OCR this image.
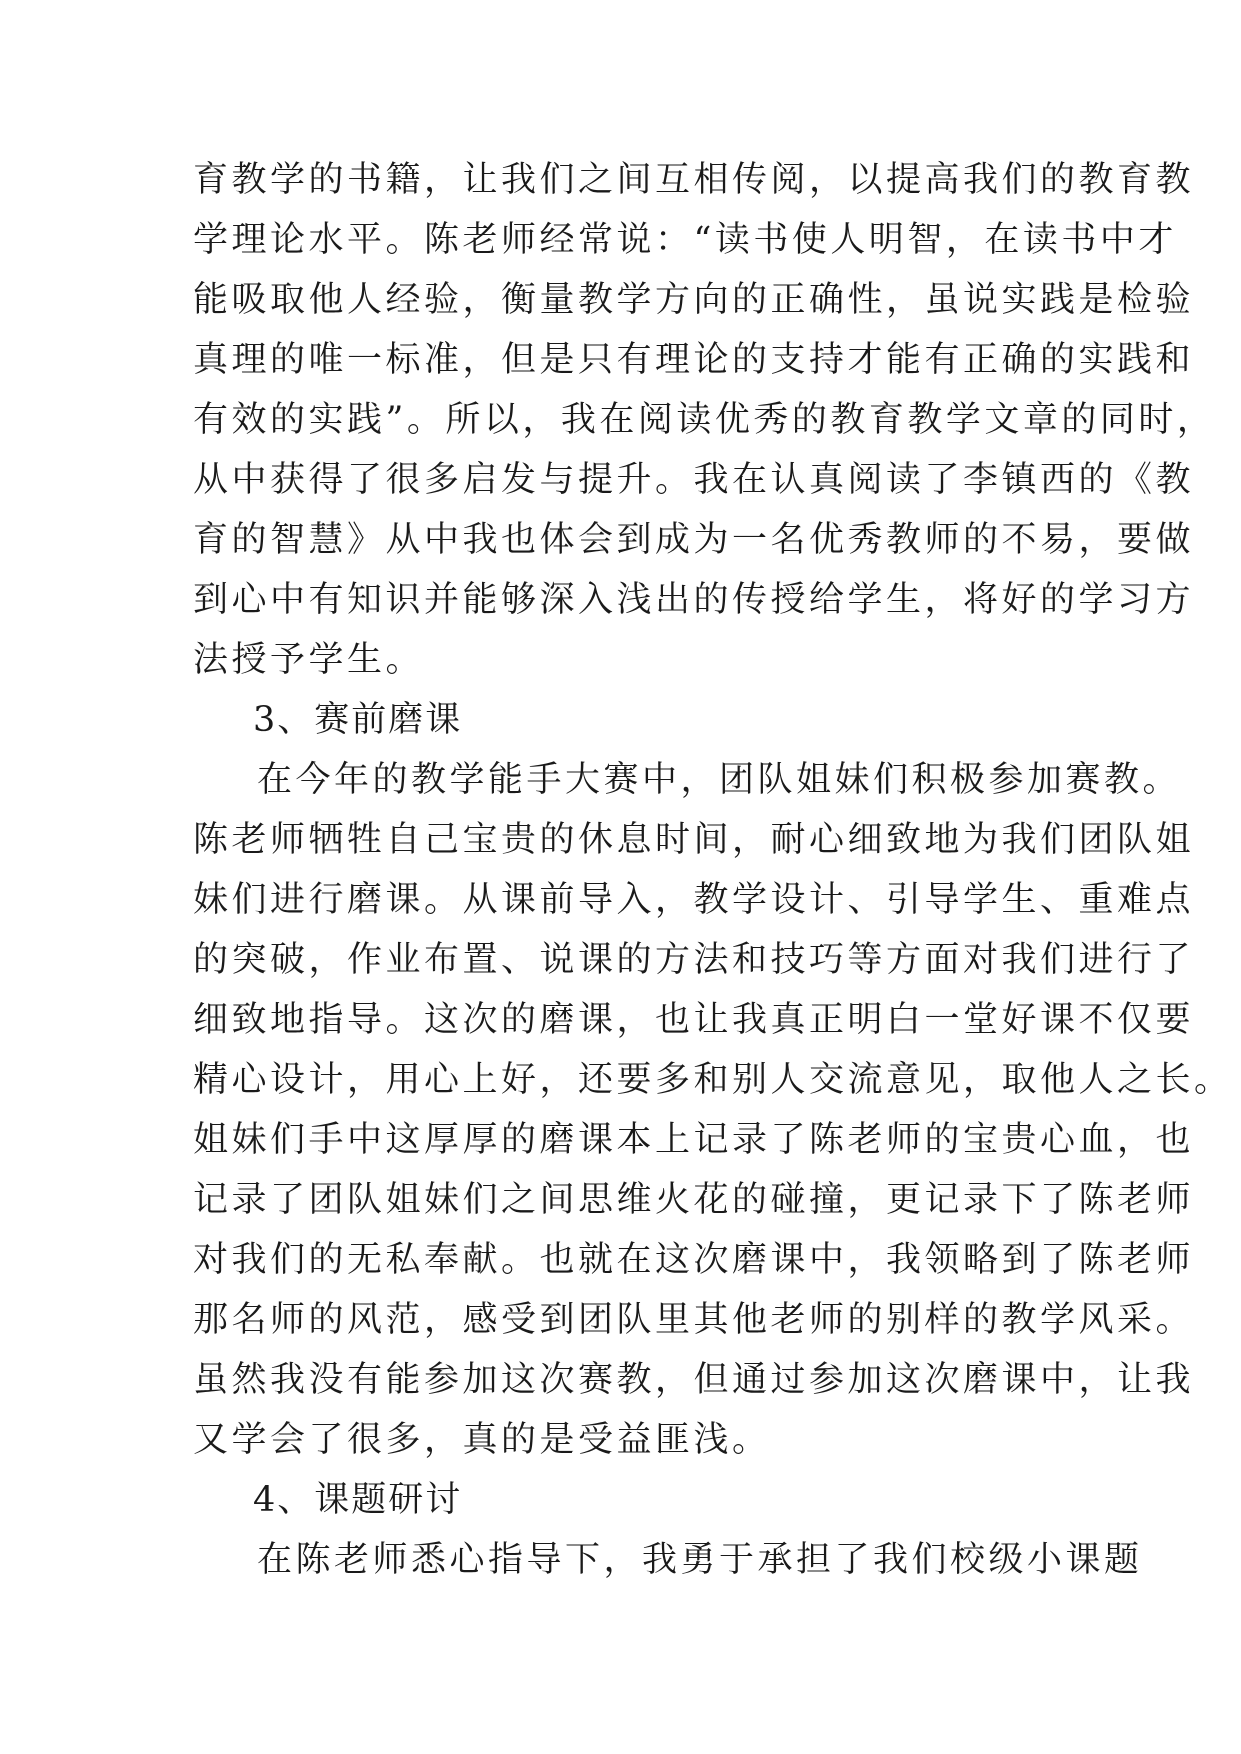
育教学的书籍，让我们之间互相传阅，以提高我们的教育教
学理论水平。陈老师经常说：“读书使人明智，在读书中才
能吸取他人经验，衡量教学方向的正确性，虽说实践是检验
真理的唯一标准，但是只有理论的支持才能有正确的实践和
有效的实践”。所以，我在阅读优秀的教育教学文章的同时，
从中获得了很多启发与提升。我在认真阅读了李镇西的《教
育的智慧》从中我也体会到成为一名优秀教师的不易，要做
到心中有知识并能够深入浅出的传授给学生，将好的学习方
法授予学生。
3、赛前磨课
在今年的教学能手大赛中，团队姐妹们积极参加赛教。
陈老师牺牲自己宝贵的休息时间，耐心细致地为我们团队姐
妹们进行磨课。从课前导入，教学设计、引导学生、重难点
的突破，作业布置、说课的方法和技巧等方面对我们进行了
细致地指导。这次的磨课，也让我真正明白一堂好课不仅要
精心设计，用心上好，还要多和别人交流意见，取他人之长。
姐妹们手中这厚厚的磨课本上记录了陈老师的宝贵心血，也
记录了团队姐妹们之间思维火花的碰撞，更记录下了陈老师
对我们的无私奉献。也就在这次磨课中，我领略到了陈老师
那名师的风范，感受到团队里其他老师的别样的教学风采。
虽然我没有能参加这次赛教，但通过参加这次磨课中，让我
又学会了很多，真的是受益匪浅。
4、课题研讨
在陈老师悉心指导下，我勇于承担了我们校级小课题
